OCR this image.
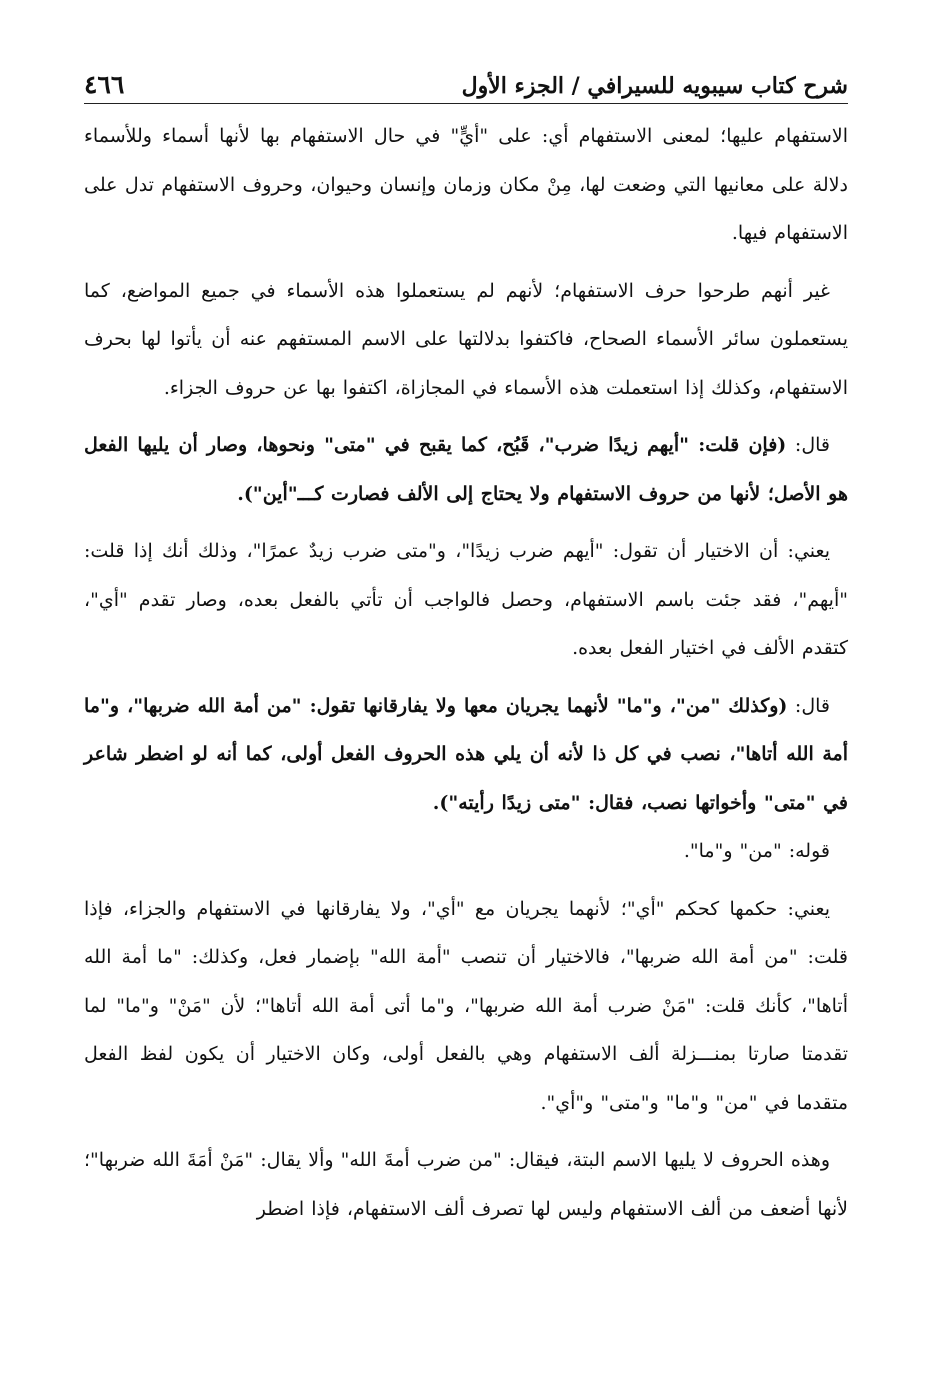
شرح كتاب سيبويه للسيرافي / الجزء الأول
٤٦٦

الاستفهام عليها؛ لمعنى الاستفهام أي: على "أيٍّ" في حال الاستفهام بها لأنها أسماء وللأسماء دلالة على معانيها التي وضعت لها، مِنْ مكان وزمان وإنسان وحيوان، وحروف الاستفهام تدل على الاستفهام فيها.

غير أنهم طرحوا حرف الاستفهام؛ لأنهم لم يستعملوا هذه الأسماء في جميع المواضع، كما يستعملون سائر الأسماء الصحاح، فاكتفوا بدلالتها على الاسم المستفهم عنه أن يأتوا لها بحرف الاستفهام، وكذلك إذا استعملت هذه الأسماء في المجازاة، اكتفوا بها عن حروف الجزاء.

قال: (فإن قلت: "أيهم زيدًا ضرب"، قَبُح، كما يقبح في "متى" ونحوها، وصار أن يليها الفعل هو الأصل؛ لأنها من حروف الاستفهام ولا يحتاج إلى الألف فصارت كـــ"أين").

يعني: أن الاختيار أن تقول: "أيهم ضرب زيدًا"، و"متى ضرب زيدٌ عمرًا"، وذلك أنك إذا قلت: "أيهم"، فقد جئت باسم الاستفهام، وحصل فالواجب أن تأتي بالفعل بعده، وصار تقدم "أي"، كتقدم الألف في اختيار الفعل بعده.

قال: (وكذلك "من"، و"ما" لأنهما يجريان معها ولا يفارقانها تقول: "من أمة الله ضربها"، و"ما أمة الله أتاها"، نصب في كل ذا لأنه أن يلي هذه الحروف الفعل أولى، كما أنه لو اضطر شاعر في "متى" وأخواتها نصب، فقال: "متى زيدًا رأيته").

قوله: "من" و"ما".

يعني: حكمها كحكم "أي"؛ لأنهما يجريان مع "أي"، ولا يفارقانها في الاستفهام والجزاء، فإذا قلت: "من أمة الله ضربها"، فالاختيار أن تنصب "أمة الله" بإضمار فعل، وكذلك: "ما أمة الله أتاها"، كأنك قلت: "مَنْ ضرب أمة الله ضربها"، و"ما أتى أمة الله أتاها"؛ لأن "مَنْ" و"ما" لما تقدمتا صارتا بمنـــزلة ألف الاستفهام وهي بالفعل أولى، وكان الاختيار أن يكون لفظ الفعل متقدما في "من" و"ما" و"متى" و"أي".

وهذه الحروف لا يليها الاسم البتة، فيقال: "من ضرب أمةَ الله" وألا يقال: "مَنْ أمَةَ الله ضربها"؛ لأنها أضعف من ألف الاستفهام وليس لها تصرف ألف الاستفهام، فإذا اضطر
